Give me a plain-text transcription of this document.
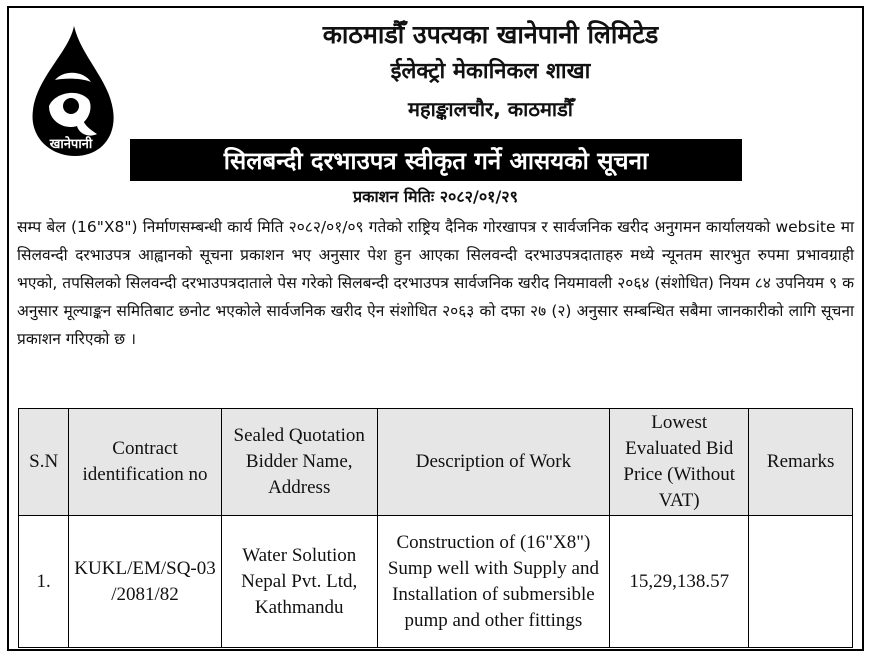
खानेपानी
काठमाडौँ उपत्यका खानेपानी लिमिटेड
ईलेक्ट्रो मेकानिकल शाखा
महाङ्कालचौर, काठमाडौँ
सिलबन्दी दरभाउपत्र स्वीकृत गर्ने आसयको सूचना
प्रकाशन मितिः २०८२/०१/२९
सम्प बेल (16"X8") निर्माणसम्बन्धी कार्य मिति २०८२/०१/०९ गतेको राष्ट्रिय दैनिक गोरखापत्र र सार्वजनिक खरीद अनुगमन कार्यालयको website मा सिलवन्दी दरभाउपत्र आह्वानको सूचना प्रकाशन भए अनुसार पेश हुन आएका सिलवन्दी दरभाउपत्रदाताहरु मध्ये न्यूनतम सारभुत रुपमा प्रभावग्राही भएको, तपसिलको सिलवन्दी दरभाउपत्रदाताले पेस गरेको सिलबन्दी दरभाउपत्र सार्वजनिक खरीद नियमावली २०६४ (संशोधित) नियम ८४ उपनियम ९ क अनुसार मूल्याङ्कन समितिबाट छनोट भएकोले सार्वजनिक खरीद ऐन संशोधित २०६३ को दफा २७ (२) अनुसार सम्बन्धित सबैमा जानकारीको लागि सूचना प्रकाशन गरिएको छ ।
S.N	Contract identification no	Sealed Quotation Bidder Name, Address	Description of Work	Lowest Evaluated Bid Price (Without VAT)	Remarks
1.	KUKL/EM/SQ-03 /2081/82	Water Solution Nepal Pvt. Ltd, Kathmandu	Construction of (16"X8") Sump well with Supply and Installation of submersible pump and other fittings	15,29,138.57	
